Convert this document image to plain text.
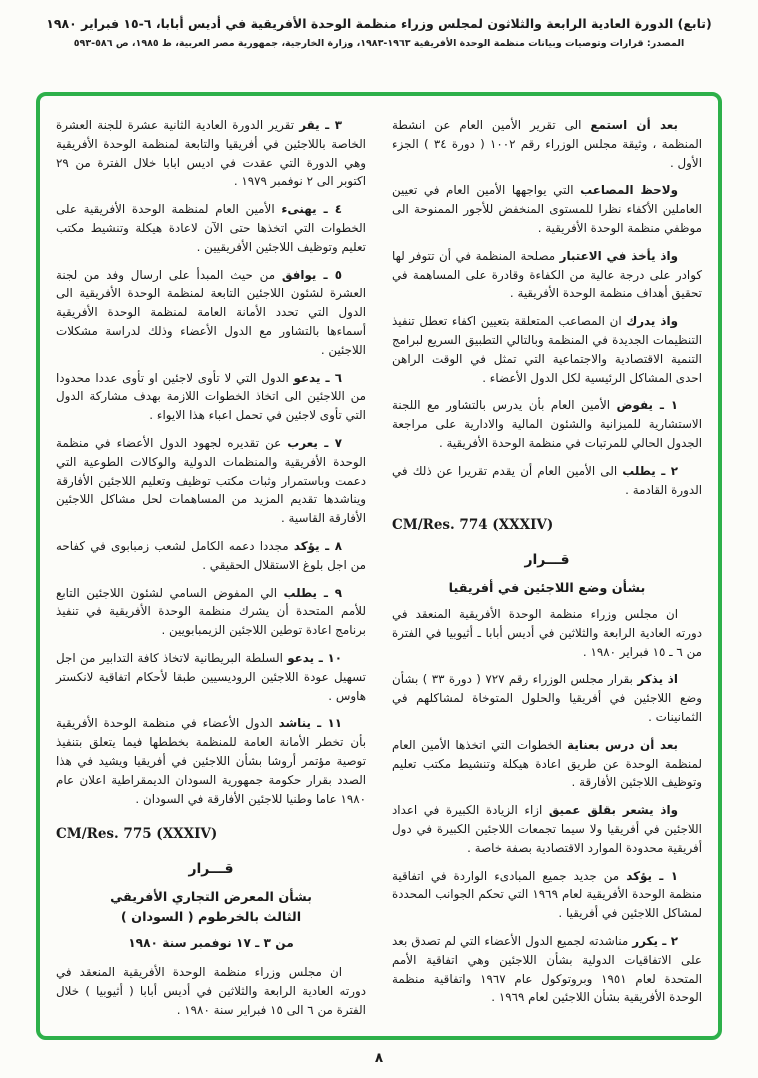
(تابع) الدورة العادية الرابعة والثلاثون لمجلس وزراء منظمة الوحدة الأفريقية في أديس أبابا، ٦-١٥ فبراير ١٩٨٠
المصدر: قرارات وتوصيات وبيانات منظمة الوحدة الأفريقية ١٩٦٣-١٩٨٣، وزارة الخارجية، جمهورية مصر العربية، ط ١٩٨٥، ص ٥٨٦-٥٩٣

بعد أن استمع الى تقرير الأمين العام عن انشطة المنظمة ، وثيقة مجلس الوزراء رقم ١٠٠٢ ( دورة ٣٤ ) الجزء الأول .

ولاحظ المصاعب التي يواجهها الأمين العام في تعيين العاملين الأكفاء نظرا للمستوى المنخفض للأجور الممنوحة الى موظفي منظمة الوحدة الأفريقية .

واذ يأخذ في الاعتبار مصلحة المنظمة في أن تتوفر لها كوادر على درجة عالية من الكفاءة وقادرة على المساهمة في تحقيق أهداف منظمة الوحدة الأفريقية .

واذ يدرك ان المصاعب المتعلقة بتعيين اكفاء تعطل تنفيذ التنظيمات الجديدة في المنظمة وبالتالي التطبيق السريع لبرامج التنمية الاقتصادية والاجتماعية التي تمثل في الوقت الراهن احدى المشاكل الرئيسية لكل الدول الأعضاء .

١ ـ يفوض الأمين العام بأن يدرس بالتشاور مع اللجنة الاستشارية للميزانية والشئون المالية والادارية على مراجعة الجدول الحالي للمرتبات في منظمة الوحدة الأفريقية .

٢ ـ يطلب الى الأمين العام أن يقدم تقريرا عن ذلك في الدورة القادمة .

CM/Res. 774 (XXXIV)
قـــرار
بشأن وضع اللاجئين في أفريقيا

ان مجلس وزراء منظمة الوحدة الأفريقية المنعقد في دورته العادية الرابعة والثلاثين في أديس أبابا ـ أثيوبيا في الفترة من ٦ ـ ١٥ فبراير ١٩٨٠ .

اذ يذكر بقرار مجلس الوزراء رقم ٧٢٧ ( دورة ٣٣ ) بشأن وضع اللاجئين في أفريقيا والحلول المتوخاة لمشاكلهم في الثمانينات .

بعد أن درس بعناية الخطوات التي اتخذها الأمين العام لمنظمة الوحدة عن طريق اعادة هيكلة وتنشيط مكتب تعليم وتوظيف اللاجئين الأفارقة .

واذ يشعر بقلق عميق ازاء الزيادة الكبيرة في اعداد اللاجئين في أفريقيا ولا سيما تجمعات اللاجئين الكبيرة في دول أفريقية محدودة الموارد الاقتصادية بصفة خاصة .

١ ـ يؤكد من جديد جميع المبادىء الواردة في اتفاقية منظمة الوحدة الأفريقية لعام ١٩٦٩ التي تحكم الجوانب المحددة لمشاكل اللاجئين في أفريقيا .

٢ ـ يكرر مناشدته لجميع الدول الأعضاء التي لم تصدق بعد على الاتفاقيات الدولية بشأن اللاجئين وهي اتفاقية الأمم المتحدة لعام ١٩٥١ وبروتوكول عام ١٩٦٧ واتفاقية منظمة الوحدة الأفريقية بشأن اللاجئين لعام ١٩٦٩ .

٣ ـ يقر تقرير الدورة العادية الثانية عشرة للجنة العشرة الخاصة باللاجئين في أفريقيا والتابعة لمنظمة الوحدة الأفريقية وهي الدورة التي عقدت في اديس ابابا خلال الفترة من ٢٩ اكتوبر الى ٢ نوفمبر ١٩٧٩ .

٤ ـ يهنىء الأمين العام لمنظمة الوحدة الأفريقية على الخطوات التي اتخذها حتى الآن لاعادة هيكلة وتنشيط مكتب تعليم وتوظيف اللاجئين الأفريقيين .

٥ ـ يوافق من حيث المبدأ على ارسال وفد من لجنة العشرة لشئون اللاجئين التابعة لمنظمة الوحدة الأفريقية الى الدول التي تحدد الأمانة العامة لمنظمة الوحدة الأفريقية أسماءها بالتشاور مع الدول الأعضاء وذلك لدراسة مشكلات اللاجئين .

٦ ـ يدعو الدول التي لا تأوى لاجئين او تأوى عددا محدودا من اللاجئين الى اتخاذ الخطوات اللازمة بهدف مشاركة الدول التي تأوى لاجئين في تحمل اعباء هذا الايواء .

٧ ـ يعرب عن تقديره لجهود الدول الأعضاء في منظمة الوحدة الأفريقية والمنظمات الدولية والوكالات الطوعية التي دعمت وباستمرار وثبات مكتب توظيف وتعليم اللاجئين الأفارقة ويناشدها تقديم المزيد من المساهمات لحل مشاكل اللاجئين الأفارقة القاسية .

٨ ـ يؤكد مجددا دعمه الكامل لشعب زمبابوى في كفاحه من اجل بلوغ الاستقلال الحقيقي .

٩ ـ يطلب الي المفوض السامي لشئون اللاجئين التابع للأمم المتحدة أن يشرك منظمة الوحدة الأفريقية في تنفيذ برنامج اعادة توطين اللاجئين الزيمبابويين .

١٠ ـ يدعو السلطة البريطانية لاتخاذ كافة التدابير من اجل تسهيل عودة اللاجئين الروديسيين طبقا لأحكام اتفاقية لانكستر هاوس .

١١ ـ يناشد الدول الأعضاء في منظمة الوحدة الأفريقية بأن تخطر الأمانة العامة للمنظمة بخططها فيما يتعلق بتنفيذ توصية مؤتمر أروشا بشأن اللاجئين في أفريقيا ويشيد في هذا الصدد بقرار حكومة جمهورية السودان الديمقراطية اعلان عام ١٩٨٠ عاما وطنيا للاجئين الأفارقة في السودان .

CM/Res. 775 (XXXIV)
قـــرار
بشأن المعرض التجاري الأفريقي الثالث بالخرطوم ( السودان )
من ٣ ـ ١٧ نوفمبر سنة ١٩٨٠

ان مجلس وزراء منظمة الوحدة الأفريقية المنعقد في دورته العادية الرابعة والثلاثين في أديس أبابا ( أثيوبيا ) خلال الفترة من ٦ الى ١٥ فبراير سنة ١٩٨٠ .

٨
